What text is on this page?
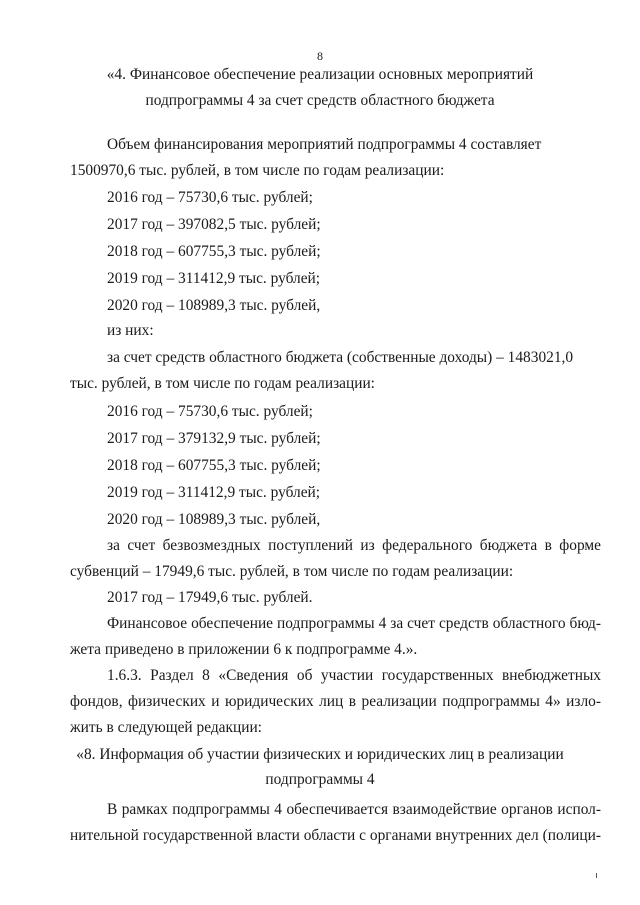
8
«4. Финансовое обеспечение реализации основных мероприятий
подпрограммы 4 за счет средств областного бюджета
Объем финансирования мероприятий подпрограммы 4 составляет
1500970,6 тыс. рублей, в том числе по годам реализации:
2016 год – 75730,6 тыс. рублей;
2017 год – 397082,5 тыс. рублей;
2018 год – 607755,3 тыс. рублей;
2019 год – 311412,9 тыс. рублей;
2020 год – 108989,3 тыс. рублей,
из них:
за счет средств областного бюджета (собственные доходы) – 1483021,0
тыс. рублей, в том числе по годам реализации:
2016 год – 75730,6 тыс. рублей;
2017 год – 379132,9 тыс. рублей;
2018 год – 607755,3 тыс. рублей;
2019 год – 311412,9 тыс. рублей;
2020 год – 108989,3 тыс. рублей,
за счет безвозмездных поступлений из федерального бюджета в форме
субвенций – 17949,6 тыс. рублей, в том числе по годам реализации:
2017 год – 17949,6 тыс. рублей.
Финансовое обеспечение подпрограммы 4 за счет средств областного бюд-
жета приведено в приложении 6 к подпрограмме 4.».
1.6.3. Раздел 8 «Сведения об участии государственных внебюджетных
фондов, физических и юридических лиц в реализации подпрограммы 4» изло-
жить в следующей редакции:
«8. Информация об участии физических и юридических лиц в реализации
подпрограммы 4
В рамках подпрограммы 4 обеспечивается взаимодействие органов испол-
нительной государственной власти области с органами внутренних дел (полици-
